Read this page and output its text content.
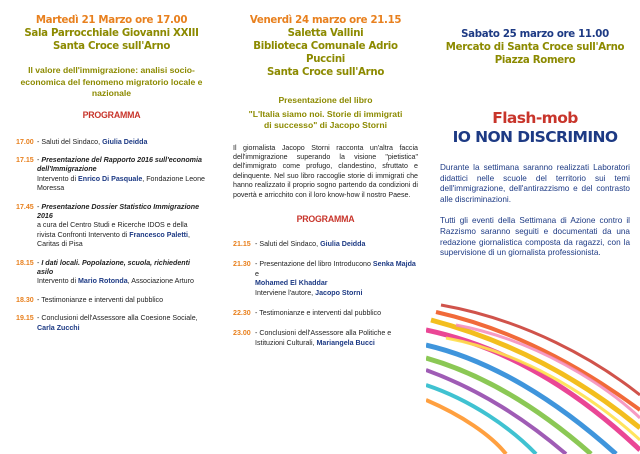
Martedì 21 Marzo ore 17.00
Sala Parrocchiale Giovanni XXIII
Santa Croce sull'Arno
Il valore dell'immigrazione: analisi socio-economica del fenomeno migratorio locale e nazionale
PROGRAMMA
17.00 - Saluti del Sindaco, Giulia Deidda
17.15 - Presentazione del Rapporto 2016 sull'economia dell'Immigrazione
Intervento di Enrico Di Pasquale, Fondazione Leone Moressa
17.45 - Presentazione Dossier Statistico Immigrazione 2016
a cura del Centro Studi e Ricerche IDOS e della rivista Confronti Intervento di Francesco Paletti, Caritas di Pisa
18.15 - I dati locali. Popolazione, scuola, richiedenti asilo
Intervento di Mario Rotonda, Associazione Arturo
18.30 - Testimonianze e interventi dal pubblico
19.15 - Conclusioni dell'Assessore alla Coesione Sociale, Carla Zucchi
Venerdì 24 marzo ore 21.15
Saletta Vallini
Biblioteca Comunale Adrio Puccini
Santa Croce sull'Arno
Presentazione del libro
"L'Italia siamo noi. Storie di immigrati di successo" di Jacopo Storni
Il giornalista Jacopo Storni racconta un'altra faccia dell'immigrazione superando la visione "pietistica" dell'immigrato come profugo, clandestino, sfruttato e delinquente. Nel suo libro raccoglie storie di immigrati che hanno realizzato il proprio sogno partendo da condizioni di povertà e arricchito con il loro know-how il nostro Paese.
PROGRAMMA
21.15 - Saluti del Sindaco, Giulia Deidda
21.30 - Presentazione del libro Introducono Senka Majda e
Mohamed El Khaddar
Interviene l'autore, Jacopo Storni
22.30 - Testimonianze e interventi dal pubblico
23.00 - Conclusioni dell'Assessore alla Politiche e Istituzioni Culturali, Mariangela Bucci
Sabato 25 marzo ore 11.00
Mercato di Santa Croce sull'Arno
Piazza Romero
Flash-mob
IO NON DISCRIMINO
Durante la settimana saranno realizzati Laboratori didattici nelle scuole del territorio sui temi dell'immigrazione, dell'antirazzismo e del contrasto alle discriminazioni.
Tutti gli eventi della Settimana di Azione contro il Razzismo saranno seguiti e documentati da una redazione giornalistica composta da ragazzi, con la supervisione di un giornalista professionista.
